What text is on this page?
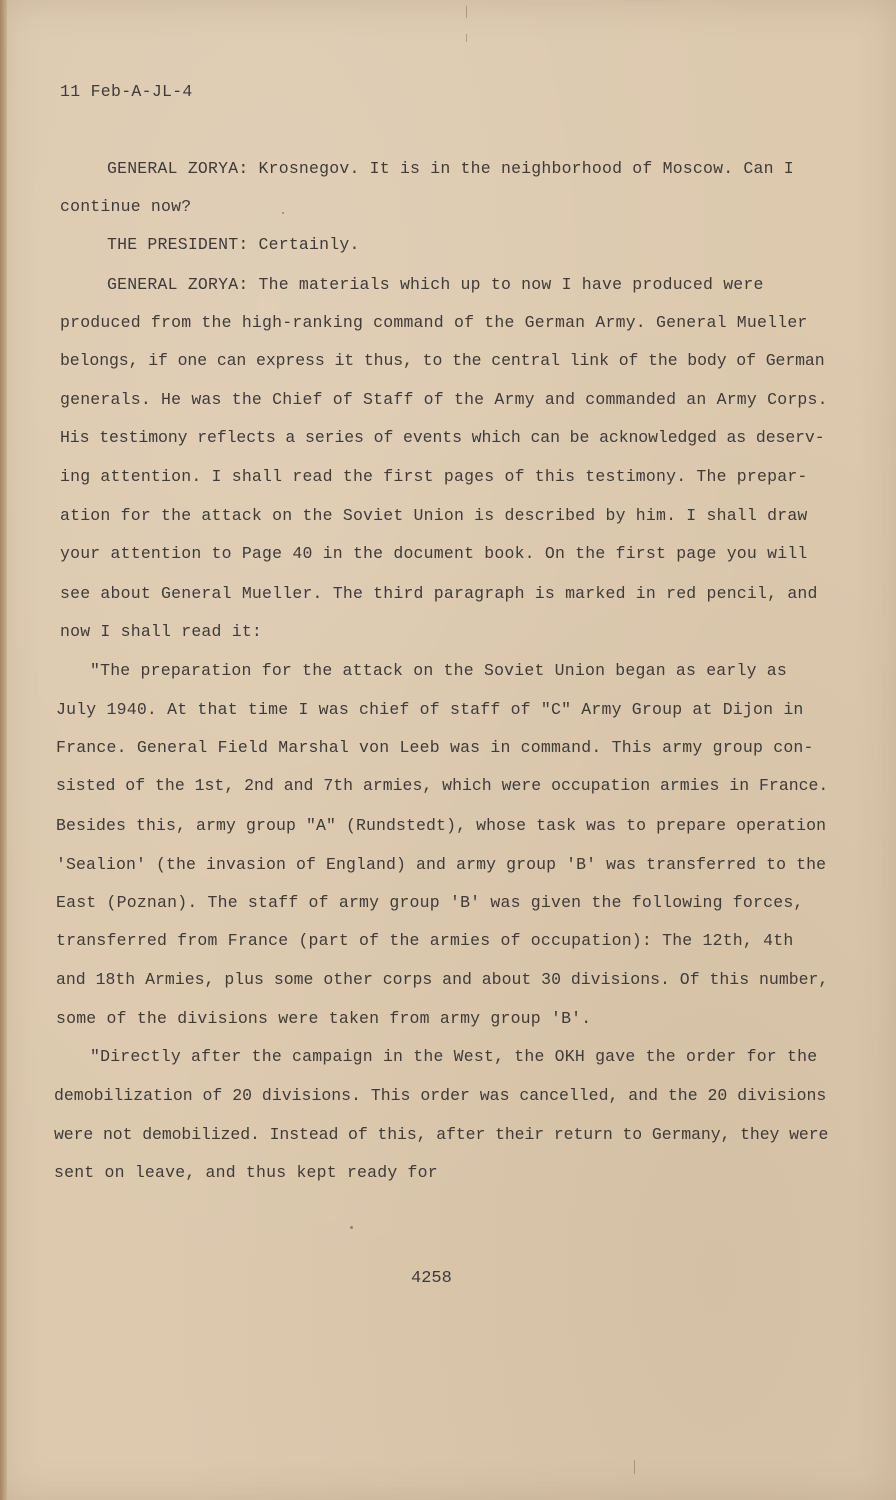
11 Feb-A-JL-4
GENERAL ZORYA: Krosnegov. It is in the neighborhood of Moscow. Can I
continue now?
THE PRESIDENT: Certainly.
GENERAL ZORYA: The materials which up to now I have produced were
produced from the high-ranking command of the German Army. General Mueller
belongs, if one can express it thus, to the central link of the body of German
generals. He was the Chief of Staff of the Army and commanded an Army Corps.
His testimony reflects a series of events which can be acknowledged as deserv-
ing attention. I shall read the first pages of this testimony. The prepar-
ation for the attack on the Soviet Union is described by him. I shall draw
your attention to Page 40 in the document book. On the first page you will
see about General Mueller. The third paragraph is marked in red pencil, and
now I shall read it:
"The preparation for the attack on the Soviet Union began as early as
July 1940. At that time I was chief of staff of "C" Army Group at Dijon in
France. General Field Marshal von Leeb was in command. This army group con-
sisted of the 1st, 2nd and 7th armies, which were occupation armies in France.
Besides this, army group "A" (Rundstedt), whose task was to prepare operation
'Sealion' (the invasion of England) and army group 'B' was transferred to the
East (Poznan). The staff of army group 'B' was given the following forces,
transferred from France (part of the armies of occupation): The 12th, 4th
and 18th Armies, plus some other corps and about 30 divisions. Of this number,
some of the divisions were taken from army group 'B'.
"Directly after the campaign in the West, the OKH gave the order for the
demobilization of 20 divisions. This order was cancelled, and the 20 divisions
were not demobilized. Instead of this, after their return to Germany, they were
sent on leave, and thus kept ready for
4258
